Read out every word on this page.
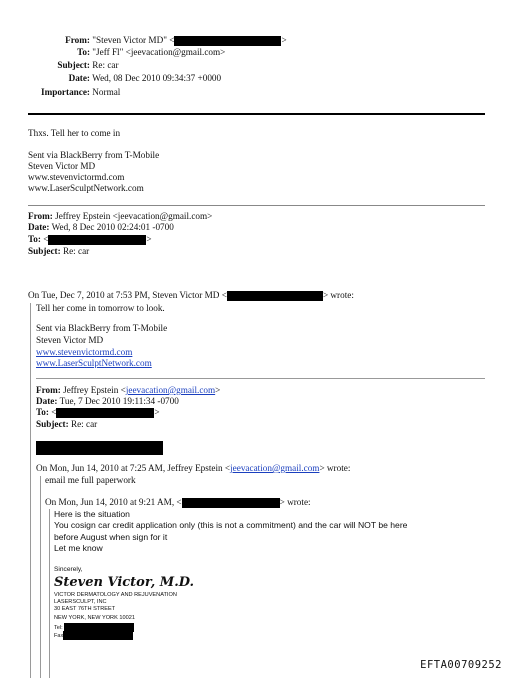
From: "Steven Victor MD" <	>
To: "Jeff Fl" <jeevacation@gmail.com>
Subject: Re: car
Date: Wed, 08 Dec 2010 09:34:37 +0000
Importance: Normal
Thxs. Tell her to come in
Sent via BlackBerry from T-Mobile
Steven Victor MD
www.stevenvictormd.com
www.LaserSculptNetwork.com
From: Jeffrey Epstein <jeevacation@gmail.com>
Date: Wed, 8 Dec 2010 02:24:01 -0700
To: <	>
Subject: Re: car
On Tue, Dec 7, 2010 at 7:53 PM, Steven Victor MD <	> wrote:
Tell her come in tomorrow to look.
Sent via BlackBerry from T-Mobile
Steven Victor MD
www.stevenvictormd.com
www.LaserSculptNetwork.com
From: Jeffrey Epstein <jeevacation@gmail.com>
Date: Tue, 7 Dec 2010 19:11:34 -0700
To: <	>
Subject: Re: car
On Mon, Jun 14, 2010 at 7:25 AM, Jeffrey Epstein <jeevacation@gmail.com> wrote:
email me full paperwork
On Mon, Jun 14, 2010 at 9:21 AM, <	> wrote:
Here is the situation
You cosign car credit application only (this is not a commitment) and the car will NOT be here
before August when sign for it
Let me know
Sincerely,
Steven Victor, M.D.
VICTOR DERMATOLOGY AND REJUVENATION
LASERSCULPT, INC
30 EAST 76TH STREET
NEW YORK, NEW YORK 10021
Tel:
Fax
EFTA00709252
